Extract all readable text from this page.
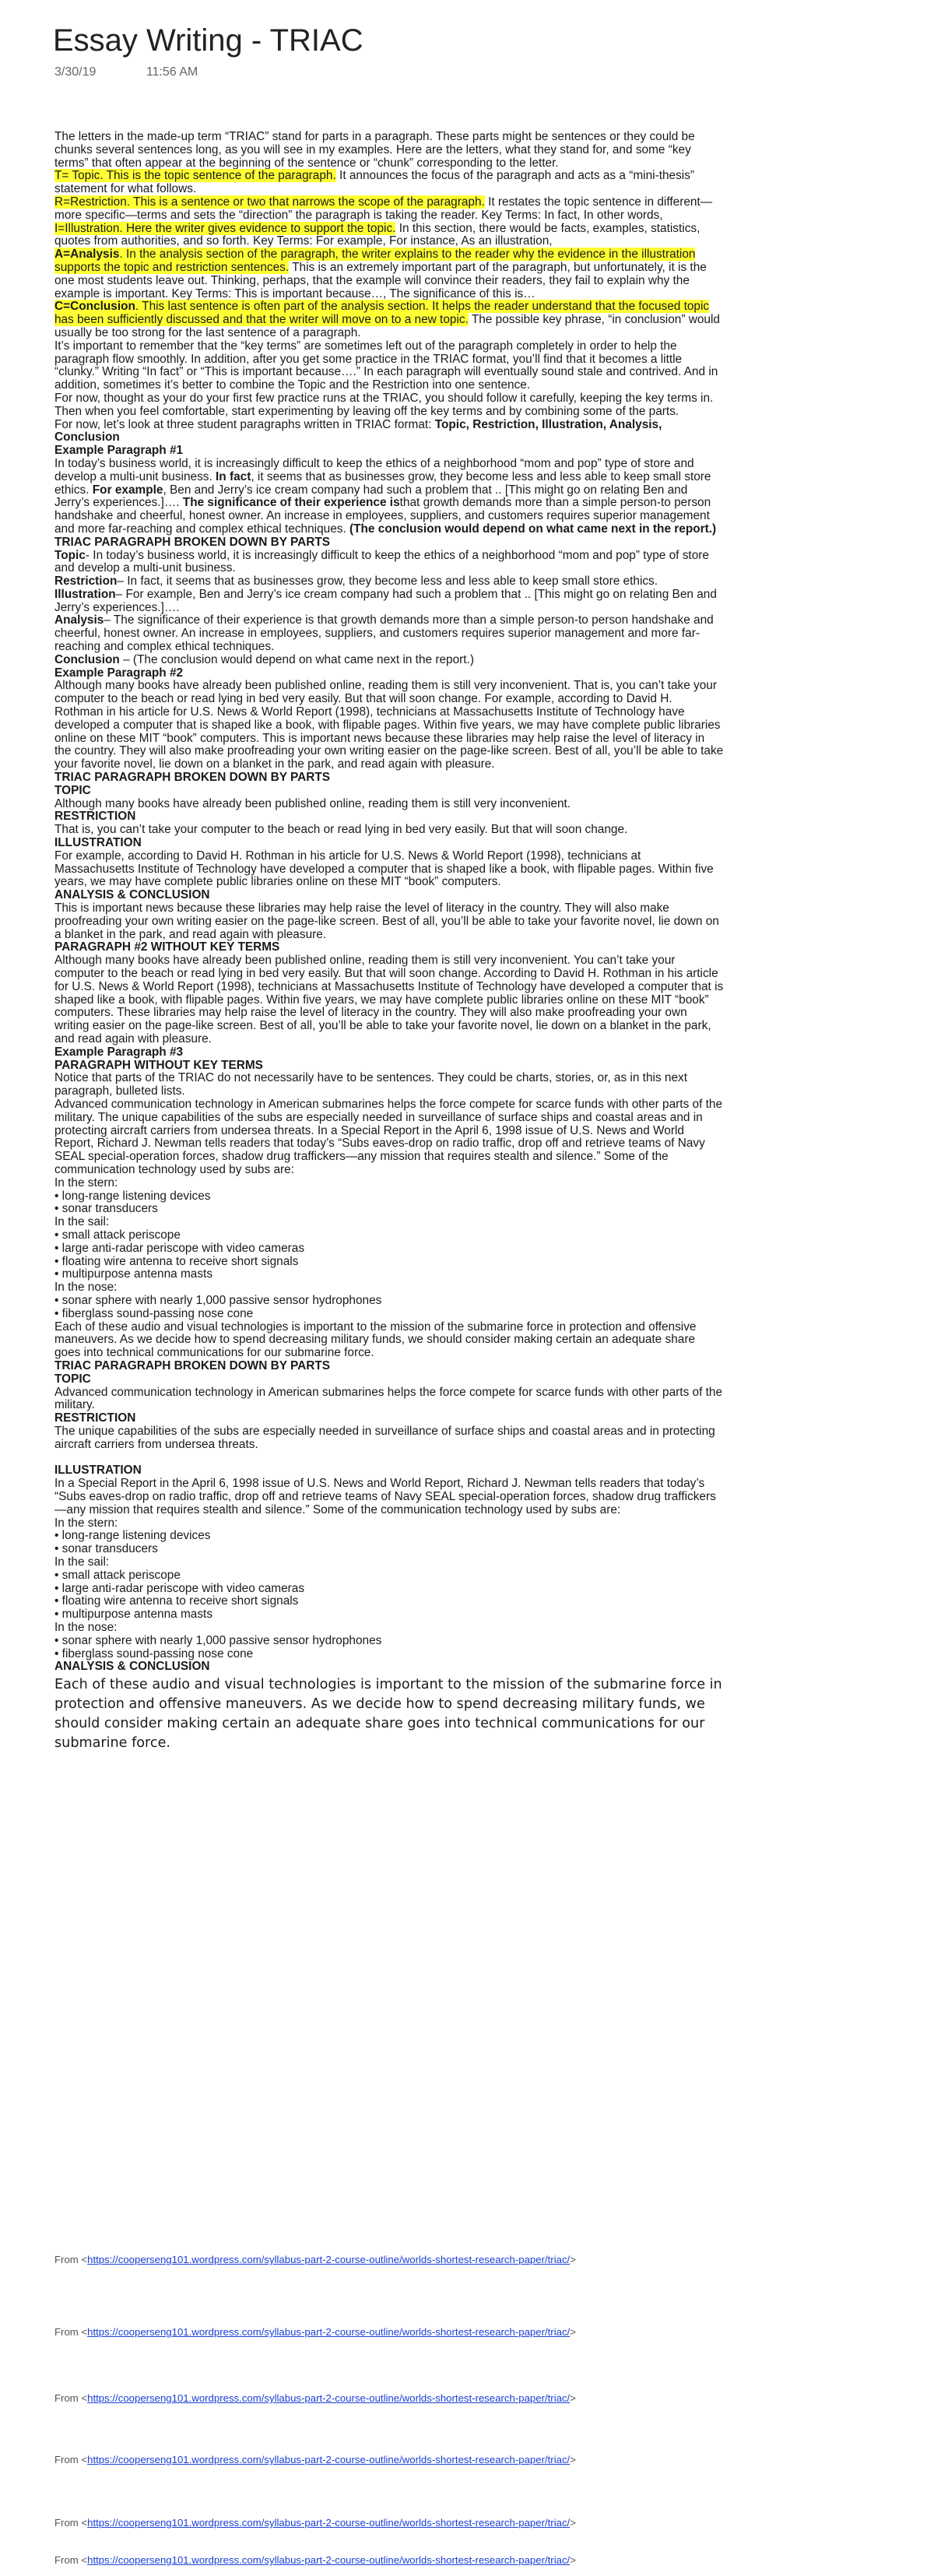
Essay Writing - TRIAC
3/30/19	11:56 AM

The letters in the made-up term “TRIAC” stand for parts in a paragraph. These parts might be sentences or they could be chunks several sentences long, as you will see in my examples. Here are the letters, what they stand for, and some “key terms” that often appear at the beginning of the sentence or “chunk” corresponding to the letter.

T= Topic. This is the topic sentence of the paragraph. It announces the focus of the paragraph and acts as a “mini-thesis” statement for what follows.

R=Restriction. This is a sentence or two that narrows the scope of the paragraph. It restates the topic sentence in different—more specific—terms and sets the “direction” the paragraph is taking the reader. Key Terms: In fact, In other words,

I=Illustration. Here the writer gives evidence to support the topic. In this section, there would be facts, examples, statistics, quotes from authorities, and so forth. Key Terms: For example, For instance, As an illustration,

A=Analysis. In the analysis section of the paragraph, the writer explains to the reader why the evidence in the illustration supports the topic and restriction sentences. This is an extremely important part of the paragraph, but unfortunately, it is the one most students leave out. Thinking, perhaps, that the example will convince their readers, they fail to explain why the example is important. Key Terms: This is important because…, The significance of this is…

C=Conclusion. This last sentence is often part of the analysis section. It helps the reader understand that the focused topic has been sufficiently discussed and that the writer will move on to a new topic. The possible key phrase, “in conclusion” would usually be too strong for the last sentence of a paragraph.

It’s important to remember that the “key terms” are sometimes left out of the paragraph completely in order to help the paragraph flow smoothly. In addition, after you get some practice in the TRIAC format, you’ll find that it becomes a little “clunky.” Writing “In fact” or “This is important because….” In each paragraph will eventually sound stale and contrived. And in addition, sometimes it’s better to combine the Topic and the Restriction into one sentence.

For now, thought as your do your first few practice runs at the TRIAC, you should follow it carefully, keeping the key terms in. Then when you feel comfortable, start experimenting by leaving off the key terms and by combining some of the parts.

For now, let’s look at three student paragraphs written in TRIAC format: Topic, Restriction, Illustration, Analysis, Conclusion

Example Paragraph #1

In today’s business world, it is increasingly difficult to keep the ethics of a neighborhood “mom and pop” type of store and develop a multi-unit business. In fact, it seems that as businesses grow, they become less and less able to keep small store ethics. For example, Ben and Jerry’s ice cream company had such a problem that .. [This might go on relating Ben and Jerry’s experiences.]…. The significance of their experience isthat growth demands more than a simple person-to person handshake and cheerful, honest owner. An increase in employees, suppliers, and customers requires superior management and more far-reaching and complex ethical techniques. (The conclusion would depend on what came next in the report.)

TRIAC PARAGRAPH BROKEN DOWN BY PARTS

Topic- In today’s business world, it is increasingly difficult to keep the ethics of a neighborhood “mom and pop” type of store and develop a multi-unit business.

Restriction– In fact, it seems that as businesses grow, they become less and less able to keep small store ethics.

Illustration– For example, Ben and Jerry’s ice cream company had such a problem that .. [This might go on relating Ben and Jerry’s experiences.]….

Analysis– The significance of their experience is that growth demands more than a simple person-to person handshake and cheerful, honest owner. An increase in employees, suppliers, and customers requires superior management and more far-reaching and complex ethical techniques.

Conclusion – (The conclusion would depend on what came next in the report.)

Example Paragraph #2

Although many books have already been published online, reading them is still very inconvenient. That is, you can’t take your computer to the beach or read lying in bed very easily. But that will soon change. For example, according to David H. Rothman in his article for U.S. News & World Report (1998), technicians at Massachusetts Institute of Technology have developed a computer that is shaped like a book, with flipable pages. Within five years, we may have complete public libraries online on these MIT “book” computers. This is important news because these libraries may help raise the level of literacy in the country. They will also make proofreading your own writing easier on the page-like screen. Best of all, you’ll be able to take your favorite novel, lie down on a blanket in the park, and read again with pleasure.

TRIAC PARAGRAPH BROKEN DOWN BY PARTS

TOPIC

Although many books have already been published online, reading them is still very inconvenient.

RESTRICTION

That is, you can’t take your computer to the beach or read lying in bed very easily. But that will soon change.

ILLUSTRATION

For example, according to David H. Rothman in his article for U.S. News & World Report (1998), technicians at Massachusetts Institute of Technology have developed a computer that is shaped like a book, with flipable pages. Within five years, we may have complete public libraries online on these MIT “book” computers.

ANALYSIS & CONCLUSION

This is important news because these libraries may help raise the level of literacy in the country. They will also make proofreading your own writing easier on the page-like screen. Best of all, you’ll be able to take your favorite novel, lie down on a blanket in the park, and read again with pleasure.

PARAGRAPH #2 WITHOUT KEY TERMS

Although many books have already been published online, reading them is still very inconvenient. You can’t take your computer to the beach or read lying in bed very easily. But that will soon change. According to David H. Rothman in his article for U.S. News & World Report (1998), technicians at Massachusetts Institute of Technology have developed a computer that is shaped like a book, with flipable pages. Within five years, we may have complete public libraries online on these MIT “book” computers. These libraries may help raise the level of literacy in the country. They will also make proofreading your own writing easier on the page-like screen. Best of all, you’ll be able to take your favorite novel, lie down on a blanket in the park, and read again with pleasure.

Example Paragraph #3

PARAGRAPH WITHOUT KEY TERMS

Notice that parts of the TRIAC do not necessarily have to be sentences. They could be charts, stories, or, as in this next paragraph, bulleted lists.

Advanced communication technology in American submarines helps the force compete for scarce funds with other parts of the military. The unique capabilities of the subs are especially needed in surveillance of surface ships and coastal areas and in protecting aircraft carriers from undersea threats. In a Special Report in the April 6, 1998 issue of U.S. News and World Report, Richard J. Newman tells readers that today’s “Subs eaves-drop on radio traffic, drop off and retrieve teams of Navy SEAL special-operation forces, shadow drug traffickers—any mission that requires stealth and silence.” Some of the communication technology used by subs are:

In the stern:

• long-range listening devices

• sonar transducers

In the sail:

• small attack periscope

• large anti-radar periscope with video cameras

• floating wire antenna to receive short signals

• multipurpose antenna masts

In the nose:

• sonar sphere with nearly 1,000 passive sensor hydrophones

• fiberglass sound-passing nose cone

Each of these audio and visual technologies is important to the mission of the submarine force in protection and offensive maneuvers. As we decide how to spend decreasing military funds, we should consider making certain an adequate share goes into technical communications for our submarine force.

TRIAC PARAGRAPH BROKEN DOWN BY PARTS

TOPIC

Advanced communication technology in American submarines helps the force compete for scarce funds with other parts of the military.

RESTRICTION

The unique capabilities of the subs are especially needed in surveillance of surface ships and coastal areas and in protecting aircraft carriers from undersea threats.

ILLUSTRATION

In a Special Report in the April 6, 1998 issue of U.S. News and World Report, Richard J. Newman tells readers that today’s “Subs eaves-drop on radio traffic, drop off and retrieve teams of Navy SEAL special-operation forces, shadow drug traffickers—any mission that requires stealth and silence.” Some of the communication technology used by subs are:

In the stern:

• long-range listening devices

• sonar transducers

In the sail:

• small attack periscope

• large anti-radar periscope with video cameras

• floating wire antenna to receive short signals

• multipurpose antenna masts

In the nose:

• sonar sphere with nearly 1,000 passive sensor hydrophones

• fiberglass sound-passing nose cone

ANALYSIS & CONCLUSION

Each of these audio and visual technologies is important to the mission of the submarine force in protection and offensive maneuvers. As we decide how to spend decreasing military funds, we should consider making certain an adequate share goes into technical communications for our submarine force.

From <https://cooperseng101.wordpress.com/syllabus-part-2-course-outline/worlds-shortest-research-paper/triac/>
From <https://cooperseng101.wordpress.com/syllabus-part-2-course-outline/worlds-shortest-research-paper/triac/>
From <https://cooperseng101.wordpress.com/syllabus-part-2-course-outline/worlds-shortest-research-paper/triac/>
From <https://cooperseng101.wordpress.com/syllabus-part-2-course-outline/worlds-shortest-research-paper/triac/>
From <https://cooperseng101.wordpress.com/syllabus-part-2-course-outline/worlds-shortest-research-paper/triac/>
From <https://cooperseng101.wordpress.com/syllabus-part-2-course-outline/worlds-shortest-research-paper/triac/>
